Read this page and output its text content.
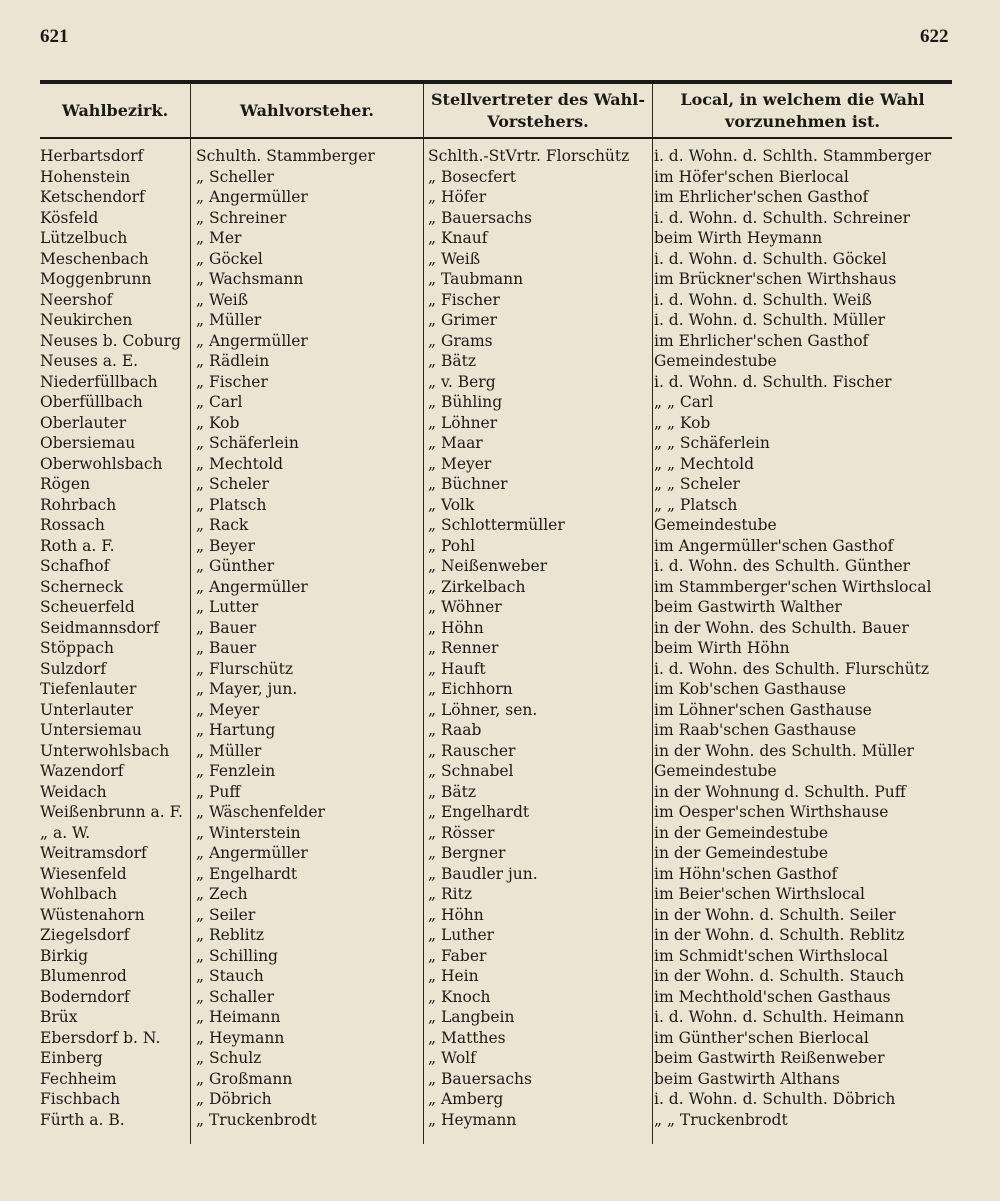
621	622
Wahlbezirk.	Wahlvorsteher.
Stellvertreter des Wahl-
Vorstehers.
Local, in welchem die Wahl
vorzunehmen ist.
Herbartsdorf	Schulth. Stammberger	Schlth.-StVrtr. Florschütz	i. d. Wohn. d. Schlth. Stammberger
Hohenstein	„ Scheller	„ Bosecfert	im Höfer'schen Bierlocal
Ketschendorf	„ Angermüller	„ Höfer	im Ehrlicher'schen Gasthof
Kösfeld	„ Schreiner	„ Bauersachs	i. d. Wohn. d. Schulth. Schreiner
Lützelbuch	„ Mer	„ Knauf	beim Wirth Heymann
Meschenbach	„ Göckel	„ Weiß	i. d. Wohn. d. Schulth. Göckel
Moggenbrunn	„ Wachsmann	„ Taubmann	im Brückner'schen Wirthshaus
Neershof	„ Weiß	„ Fischer	i. d. Wohn. d. Schulth. Weiß
Neukirchen	„ Müller	„ Grimer	i. d. Wohn. d. Schulth. Müller
Neuses b. Coburg „ Angermüller	„ Grams	im Ehrlicher'schen Gasthof
Neuses a. E.	„ Rädlein	„ Bätz	Gemeindestube
Niederfüllbach	„ Fischer	„ v. Berg	i. d. Wohn. d. Schulth. Fischer
Oberfüllbach	„ Carl	„ Bühling	„ „ Carl
Oberlauter	„ Kob	„ Löhner	„ „ Kob
Obersiemau	„ Schäferlein	„ Maar	„ „ Schäferlein
Oberwohlsbach	„ Mechtold	„ Meyer	„ „ Mechtold
Rögen	„ Scheler	„ Büchner	„ „ Scheler
Rohrbach	„ Platsch	„ Volk	„ „ Platsch
Rossach	„ Rack	„ Schlottermüller	Gemeindestube
Roth a. F.	„ Beyer	„ Pohl	im Angermüller'schen Gasthof
Schafhof	„ Günther	„ Neißenweber	i. d. Wohn. des Schulth. Günther
Scherneck	„ Angermüller	„ Zirkelbach	im Stammberger'schen Wirthslocal
Scheuerfeld	„ Lutter	„ Wöhner	beim Gastwirth Walther
Seidmannsdorf	„ Bauer	„ Höhn	in der Wohn. des Schulth. Bauer
Stöppach	„ Bauer	„ Renner	beim Wirth Höhn
Sulzdorf	„ Flurschütz	„ Hauft	i. d. Wohn. des Schulth. Flurschütz
Tiefenlauter	„ Mayer, jun.	„ Eichhorn	im Kob'schen Gasthause
Unterlauter	„ Meyer	„ Löhner, sen.	im Löhner'schen Gasthause
Untersiemau	„ Hartung	„ Raab	im Raab'schen Gasthause
Unterwohlsbach	„ Müller	„ Rauscher	in der Wohn. des Schulth. Müller
Wazendorf	„ Fenzlein	„ Schnabel	Gemeindestube
Weidach	„ Puff	„ Bätz	in der Wohnung d. Schulth. Puff
Weißenbrunn a. F. „ Wäschenfelder	„ Engelhardt	im Oesper'schen Wirthshause
„ a. W.	„ Winterstein	„ Rösser	in der Gemeindestube
Weitramsdorf	„ Angermüller	„ Bergner	in der Gemeindestube
Wiesenfeld	„ Engelhardt	„ Baudler jun.	im Höhn'schen Gasthof
Wohlbach	„ Zech	„ Ritz	im Beier'schen Wirthslocal
Wüstenahorn	„ Seiler	„ Höhn	in der Wohn. d. Schulth. Seiler
Ziegelsdorf	„ Reblitz	„ Luther	in der Wohn. d. Schulth. Reblitz
Birkig	„ Schilling	„ Faber	im Schmidt'schen Wirthslocal
Blumenrod	„ Stauch	„ Hein	in der Wohn. d. Schulth. Stauch
Boderndorf	„ Schaller	„ Knoch	im Mechthold'schen Gasthaus
Brüx	„ Heimann	„ Langbein	i. d. Wohn. d. Schulth. Heimann
Ebersdorf b. N.	„ Heymann	„ Matthes	im Günther'schen Bierlocal
Einberg	„ Schulz	„ Wolf	beim Gastwirth Reißenweber
Fechheim	„ Großmann	„ Bauersachs	beim Gastwirth Althans
Fischbach	„ Döbrich	„ Amberg	i. d. Wohn. d. Schulth. Döbrich
Fürth a. B.	„ Truckenbrodt	„ Heymann	„ „ Truckenbrodt
